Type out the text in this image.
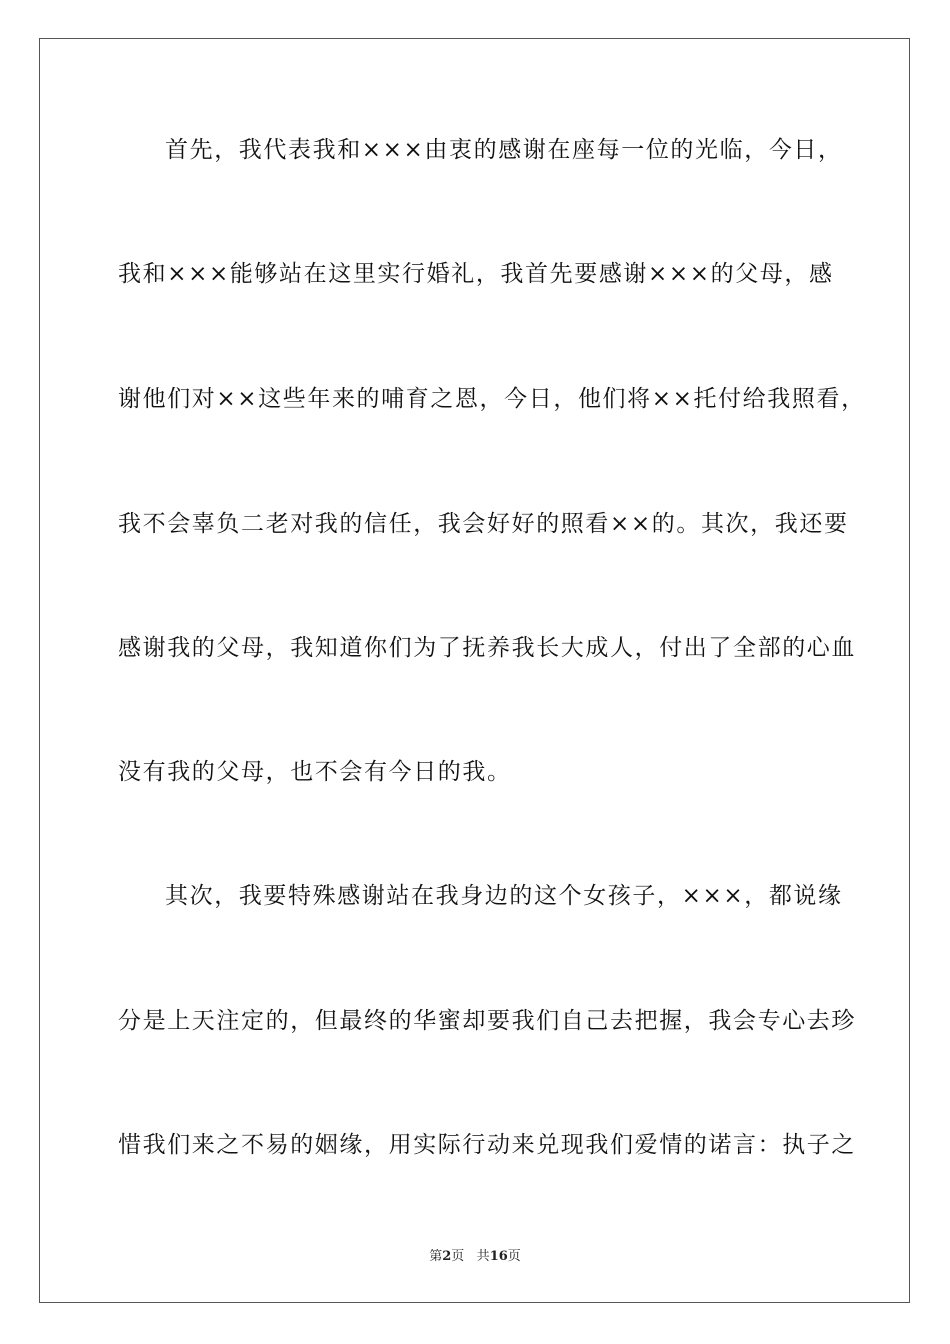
首先，我代表我和×××由衷的感谢在座每一位的光临，今日，
我和×××能够站在这里实行婚礼，我首先要感谢×××的父母，感
谢他们对××这些年来的哺育之恩，今日，他们将××托付给我照看，
我不会辜负二老对我的信任，我会好好的照看××的。其次，我还要
感谢我的父母，我知道你们为了抚养我长大成人，付出了全部的心血
没有我的父母，也不会有今日的我。
其次，我要特殊感谢站在我身边的这个女孩子，×××，都说缘
分是上天注定的，但最终的华蜜却要我们自己去把握，我会专心去珍
惜我们来之不易的姻缘，用实际行动来兑现我们爱情的诺言：执子之
第2页 共16页
